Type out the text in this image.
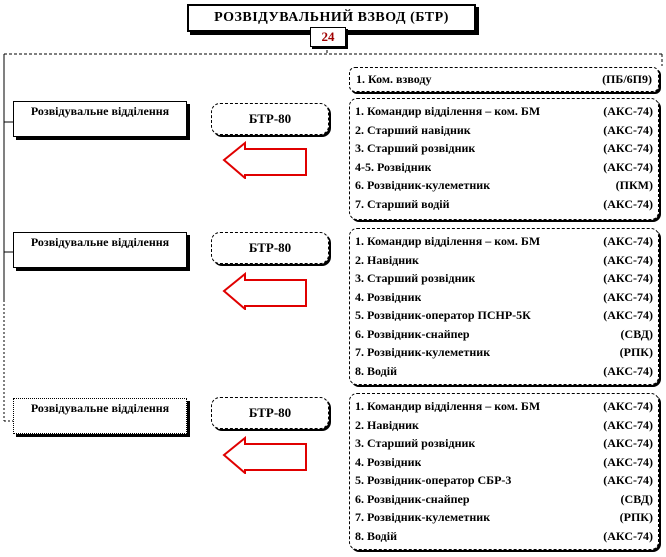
РОЗВІДУВАЛЬНИЙ ВЗВОД (БТР)
24
1. Ком. взводу	(ПБ/6П9)
Розвідувальне відділення	БТР-80	1. Командир відділення – ком. БМ	(АКС-74)
2. Старший навідник	(АКС-74)
3. Старший розвідник	(АКС-74)
4-5. Розвідник	(АКС-74)
6. Розвідник-кулеметник	(ПКМ)
7. Старший водій	(АКС-74)
Розвідувальне відділення	БТР-80	1. Командир відділення – ком. БМ	(АКС-74)
2. Навідник	(АКС-74)
3. Старший розвідник	(АКС-74)
4. Розвідник	(АКС-74)
5. Розвідник-оператор ПСНР-5К	(АКС-74)
6. Розвідник-снайпер	(СВД)
7. Розвідник-кулеметник	(РПК)
8. Водій	(АКС-74)
Розвідувальне відділення	БТР-80	1. Командир відділення – ком. БМ	(АКС-74)
2. Навідник	(АКС-74)
3. Старший розвідник	(АКС-74)
4. Розвідник	(АКС-74)
5. Розвідник-оператор СБР-3	(АКС-74)
6. Розвідник-снайпер	(СВД)
7. Розвідник-кулеметник	(РПК)
8. Водій	(АКС-74)
